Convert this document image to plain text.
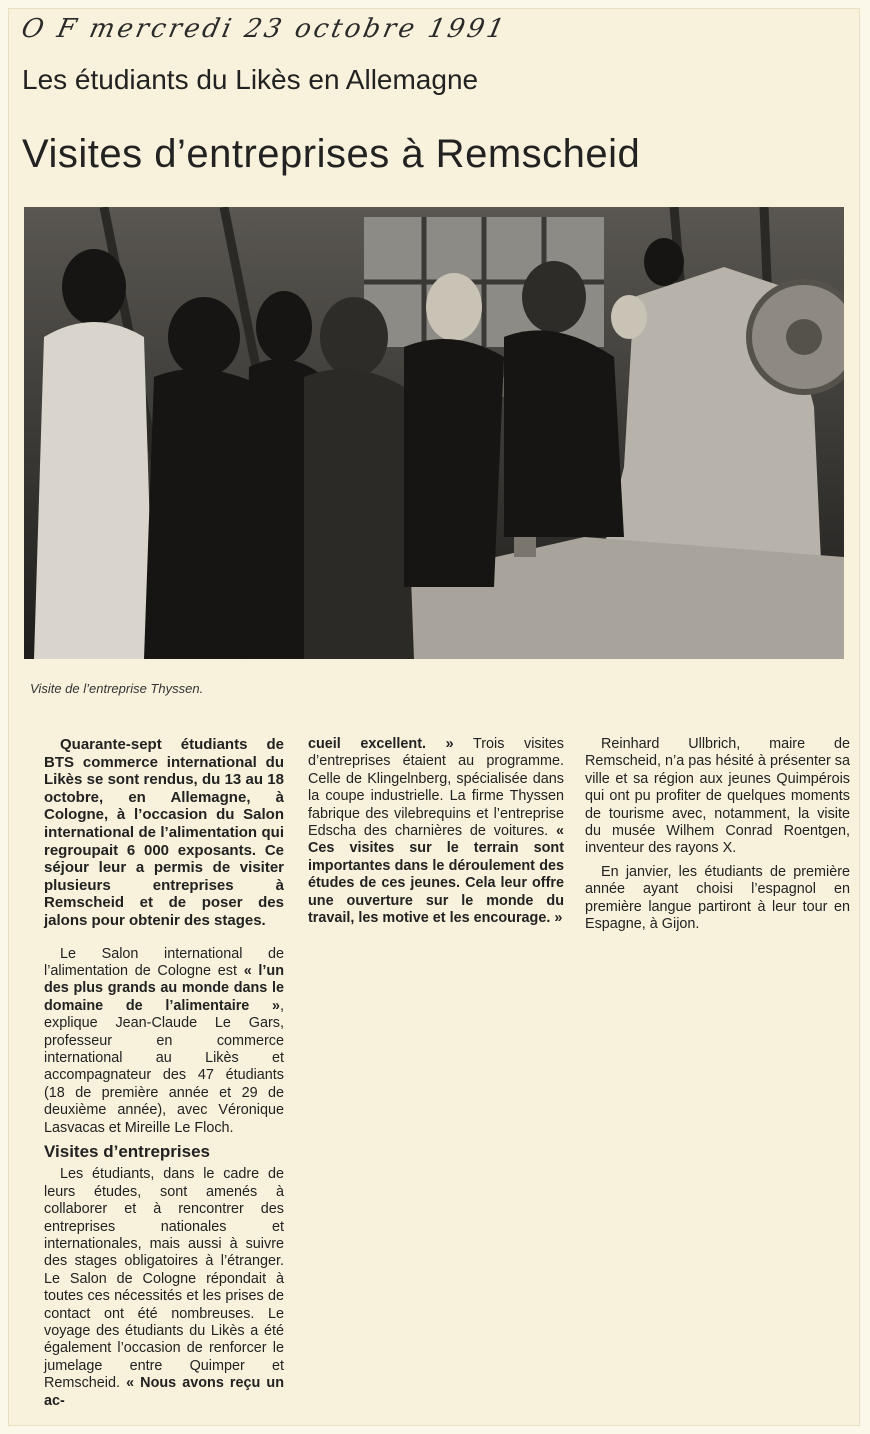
O F mercredi 23 octobre 1991
Les étudiants du Likès en Allemagne
Visites d’entreprises à Remscheid
Visite de l’entreprise Thyssen.

Quarante-sept étudiants de BTS commerce international du Likès se sont rendus, du 13 au 18 octobre, en Allemagne, à Cologne, à l’occasion du Salon international de l’alimentation qui regroupait 6 000 exposants. Ce séjour leur a permis de visiter plusieurs entreprises à Remscheid et de poser des jalons pour obtenir des stages.

Le Salon international de l’alimentation de Cologne est « l’un des plus grands au monde dans le domaine de l’alimentaire », explique Jean-Claude Le Gars, professeur en commerce international au Likès et accompagnateur des 47 étudiants (18 de première année et 29 de deuxième année), avec Véronique Lasvacas et Mireille Le Floch.

Visites d’entreprises

Les étudiants, dans le cadre de leurs études, sont amenés à collaborer et à rencontrer des entreprises nationales et internationales, mais aussi à suivre des stages obligatoires à l’étranger. Le Salon de Cologne répondait à toutes ces nécessités et les prises de contact ont été nombreuses. Le voyage des étudiants du Likès a été également l’occasion de renforcer le jumelage entre Quimper et Remscheid. « Nous avons reçu un ac-

cueil excellent. » Trois visites d’entreprises étaient au programme. Celle de Klingelnberg, spécialisée dans la coupe industrielle. La firme Thyssen fabrique des vilebrequins et l’entreprise Edscha des charnières de voitures. « Ces visites sur le terrain sont importantes dans le déroulement des études de ces jeunes. Cela leur offre une ouverture sur le monde du travail, les motive et les encourage. »

Reinhard Ullbrich, maire de Remscheid, n’a pas hésité à présenter sa ville et sa région aux jeunes Quimpérois qui ont pu profiter de quelques moments de tourisme avec, notamment, la visite du musée Wilhem Conrad Roentgen, inventeur des rayons X.

En janvier, les étudiants de première année ayant choisi l’espagnol en première langue partiront à leur tour en Espagne, à Gijon.
